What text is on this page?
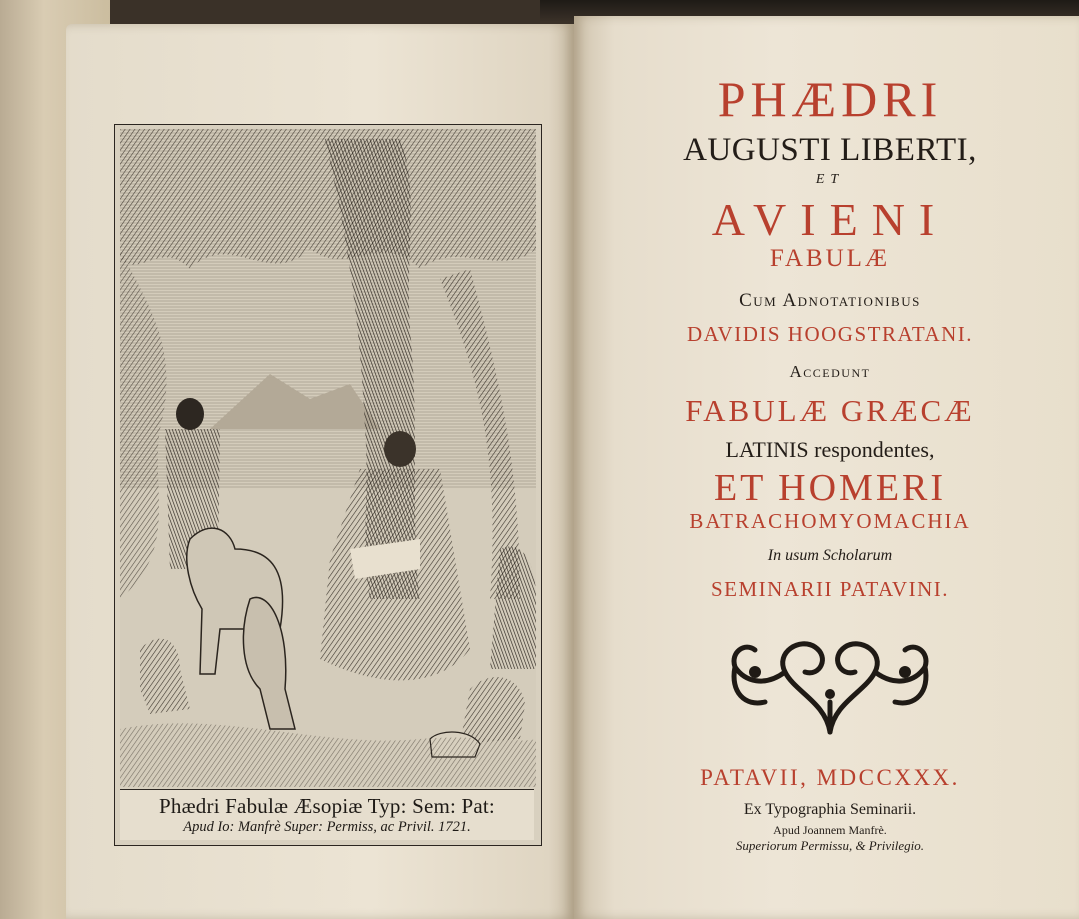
Phædri Fabulæ Æsopiæ Typ: Sem: Pat:
Apud Io: Manfrè Super: Permiss, ac Privil. 1721.
PHÆDRI
AUGUSTI LIBERTI,
ET
AVIENI
FABULÆ
Cum Adnotationibus
DAVIDIS HOOGSTRATANI.
Accedunt
FABULÆ GRÆCÆ
LATINIS respondentes,
ET HOMERI
BATRACHOMYOMACHIA
In usum Scholarum
SEMINARII PATAVINI.
PATAVII, MDCCXXX.
Ex Typographia Seminarii.
Apud Joannem Manfrè.
Superiorum Permissu, & Privilegio.
